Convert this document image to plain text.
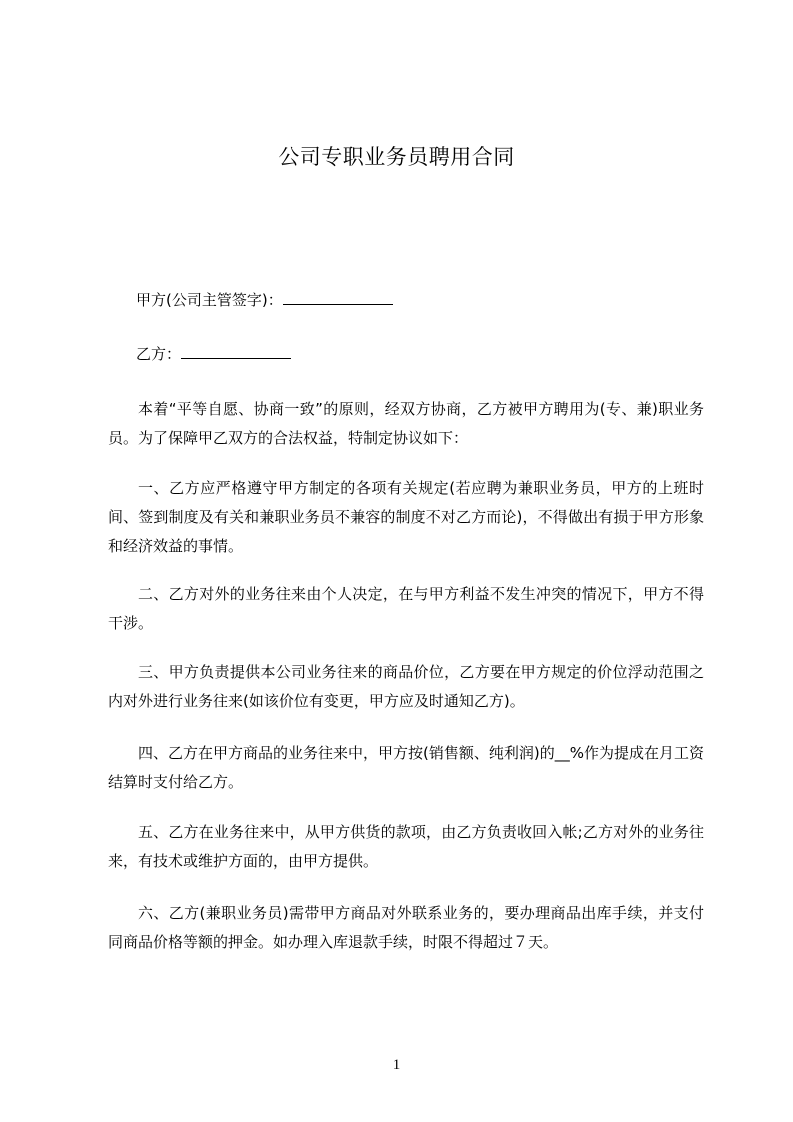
公司专职业务员聘用合同
甲方(公司主管签字)：
乙方：

本着“平等自愿、协商一致”的原则，经双方协商，乙方被甲方聘用为(专、兼)职业务员。为了保障甲乙双方的合法权益，特制定协议如下：

一、乙方应严格遵守甲方制定的各项有关规定(若应聘为兼职业务员，甲方的上班时间、签到制度及有关和兼职业务员不兼容的制度不对乙方而论)，不得做出有损于甲方形象和经济效益的事情。

二、乙方对外的业务往来由个人决定，在与甲方利益不发生冲突的情况下，甲方不得干涉。

三、甲方负责提供本公司业务往来的商品价位，乙方要在甲方规定的价位浮动范围之内对外进行业务往来(如该价位有变更，甲方应及时通知乙方)。

四、乙方在甲方商品的业务往来中，甲方按(销售额、纯利润)的__%作为提成在月工资结算时支付给乙方。

五、乙方在业务往来中，从甲方供货的款项，由乙方负责收回入帐;乙方对外的业务往来，有技术或维护方面的，由甲方提供。

六、乙方(兼职业务员)需带甲方商品对外联系业务的，要办理商品出库手续，并支付同商品价格等额的押金。如办理入库退款手续，时限不得超过７天。

1
